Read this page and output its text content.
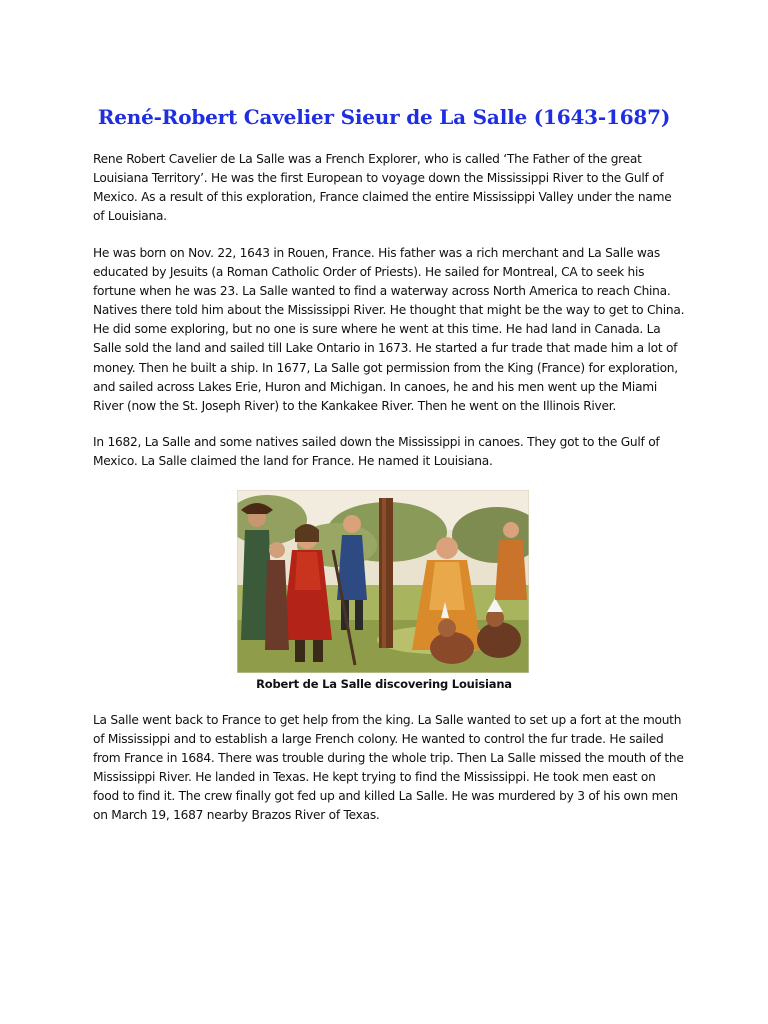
René-Robert Cavelier Sieur de La Salle (1643-1687)
Rene Robert Cavelier de La Salle was a French Explorer, who is called ‘The Father of the great
Louisiana Territory’. He was the first European to voyage down the Mississippi River to the Gulf of
Mexico. As a result of this exploration, France claimed the entire Mississippi Valley under the name
of Louisiana.
He was born on Nov. 22, 1643 in Rouen, France. His father was a rich merchant and La Salle was
educated by Jesuits (a Roman Catholic Order of Priests). He sailed for Montreal, CA to seek his
fortune when he was 23. La Salle wanted to find a waterway across North America to reach China.
Natives there told him about the Mississippi River. He thought that might be the way to get to China.
He did some exploring, but no one is sure where he went at this time. He had land in Canada. La
Salle sold the land and sailed till Lake Ontario in 1673. He started a fur trade that made him a lot of
money. Then he built a ship. In 1677, La Salle got permission from the King (France) for exploration,
and sailed across Lakes Erie, Huron and Michigan. In canoes, he and his men went up the Miami
River (now the St. Joseph River) to the Kankakee River. Then he went on the Illinois River.
In 1682, La Salle and some natives sailed down the Mississippi in canoes. They got to the Gulf of
Mexico. La Salle claimed the land for France. He named it Louisiana.
Robert de La Salle discovering Louisiana
La Salle went back to France to get help from the king. La Salle wanted to set up a fort at the mouth
of Mississippi and to establish a large French colony. He wanted to control the fur trade. He sailed
from France in 1684. There was trouble during the whole trip. Then La Salle missed the mouth of the
Mississippi River. He landed in Texas. He kept trying to find the Mississippi. He took men east on
food to find it. The crew finally got fed up and killed La Salle. He was murdered by 3 of his own men
on March 19, 1687 nearby Brazos River of Texas.
